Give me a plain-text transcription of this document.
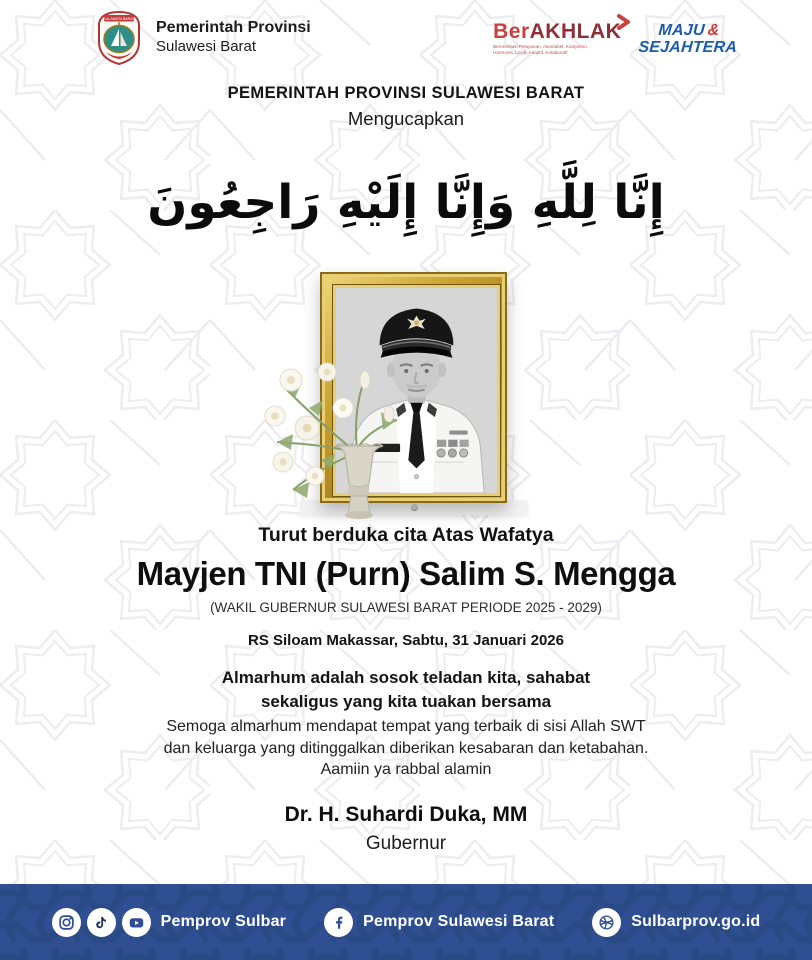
SULAWESI BARAT Pemerintah Provinsi
Sulawesi Barat
BerAKHLAK
Berorientasi Pelayanan, Akuntabel, Kompeten,
Harmonis, Loyal, Adaptif, Kolaboratif
MAJU &
SEJAHTERA
PEMERINTAH PROVINSI SULAWESI BARAT
Mengucapkan
إِنَّا لِلَّهِ وَإِنَّا إِلَيْهِ رَاجِعُونَ
Turut berduka cita Atas Wafatya
Mayjen TNI (Purn) Salim S. Mengga
(WAKIL GUBERNUR SULAWESI BARAT PERIODE 2025 - 2029)
RS Siloam Makassar, Sabtu, 31 Januari 2026
Almarhum adalah sosok teladan kita, sahabat
sekaligus yang kita tuakan bersama
Semoga almarhum mendapat tempat yang terbaik di sisi Allah SWT
dan keluarga yang ditinggalkan diberikan kesabaran dan ketabahan.
Aamiin ya rabbal alamin
Dr. H. Suhardi Duka, MM
Gubernur
Pemprov Sulbar	Pemprov Sulawesi Barat	Sulbarprov.go.id
